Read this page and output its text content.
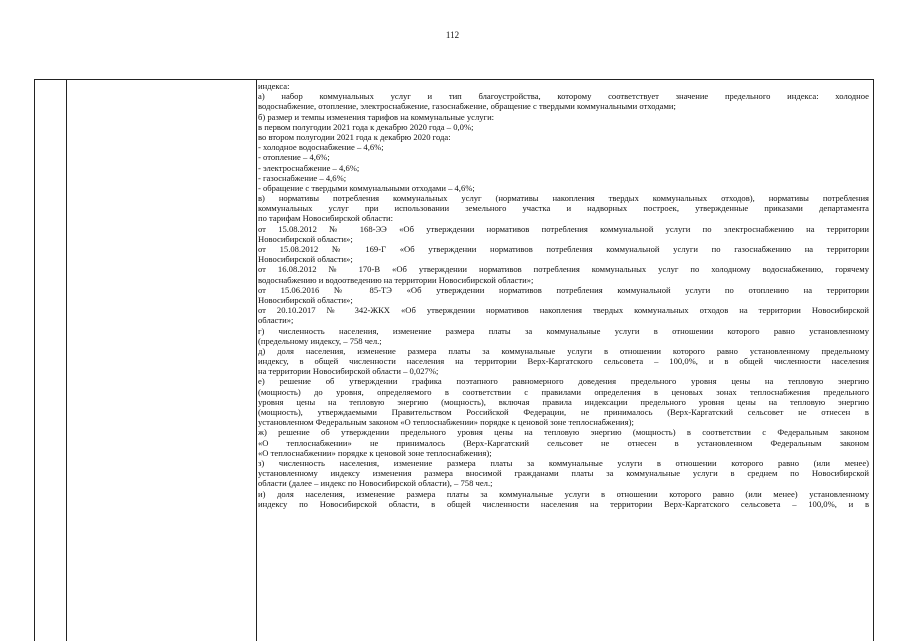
112
индекса:
а) набор коммунальных услуг и тип благоустройства, которому соответствует значение предельного индекса: холодное
водоснабжение, отопление, электроснабжение, газоснабжение, обращение с твердыми коммунальными отходами;
б) размер и темпы изменения тарифов на коммунальные услуги:
в первом полугодии 2021 года к декабрю 2020 года – 0,0%;
во втором полугодии 2021 года к декабрю 2020 года:
- холодное водоснабжение – 4,6%;
- отопление – 4,6%;
- электроснабжение – 4,6%;
- газоснабжение – 4,6%;
- обращение с твердыми коммунальными отходами – 4,6%;
в) нормативы потребления коммунальных услуг (нормативы накопления твердых коммунальных отходов), нормативы потребления
коммунальных услуг при использовании земельного участка и надворных построек, утвержденные приказами департамента
по тарифам Новосибирской области:
от 15.08.2012 № 168-ЭЭ «Об утверждении нормативов потребления коммунальной услуги по электроснабжению на территории
Новосибирской области»;
от 15.08.2012 № 169-Г «Об утверждении нормативов потребления коммунальной услуги по газоснабжению на территории
Новосибирской области»;
от 16.08.2012 № 170-В «Об утверждении нормативов потребления коммунальных услуг по холодному водоснабжению, горячему
водоснабжению и водоотведению на территории Новосибирской области»;
от 15.06.2016 № 85-ТЭ «Об утверждении нормативов потребления коммунальной услуги по отоплению на территории
Новосибирской области»;
от 20.10.2017 № 342-ЖКХ «Об утверждении нормативов накопления твердых коммунальных отходов на территории Новосибирской
области»;
г) численность населения, изменение размера платы за коммунальные услуги в отношении которого равно установленному
(предельному индексу, – 758 чел.;
д) доля населения, изменение размера платы за коммунальные услуги в отношении которого равно установленному предельному
индексу, в общей численности населения на территории Верх-Каргатского сельсовета – 100,0%, и в общей численности населения
на территории Новосибирской области – 0,027%;
е) решение об утверждении графика поэтапного равномерного доведения предельного уровня цены на тепловую энергию
(мощность) до уровня, определяемого в соответствии с правилами определения в ценовых зонах теплоснабжения предельного
уровня цены на тепловую энергию (мощность), включая правила индексации предельного уровня цены на тепловую энергию
(мощность), утверждаемыми Правительством Российской Федерации, не принималось (Верх-Каргатский сельсовет не отнесен в
установленном Федеральным законом «О теплоснабжении» порядке к ценовой зоне теплоснабжения);
ж) решение об утверждении предельного уровня цены на тепловую энергию (мощность) в соответствии с Федеральным законом
«О теплоснабжении» не принималось (Верх-Каргатский сельсовет не отнесен в установленном Федеральным законом
«О теплоснабжении» порядке к ценовой зоне теплоснабжения);
з) численность населения, изменение размера платы за коммунальные услуги в отношении которого равно (или менее)
установленному индексу изменения размера вносимой гражданами платы за коммунальные услуги в среднем по Новосибирской
области (далее – индекс по Новосибирской области), – 758 чел.;
и) доля населения, изменение размера платы за коммунальные услуги в отношении которого равно (или менее) установленному
индексу по Новосибирской области, в общей численности населения на территории Верх-Каргатского сельсовета – 100,0%, и в
